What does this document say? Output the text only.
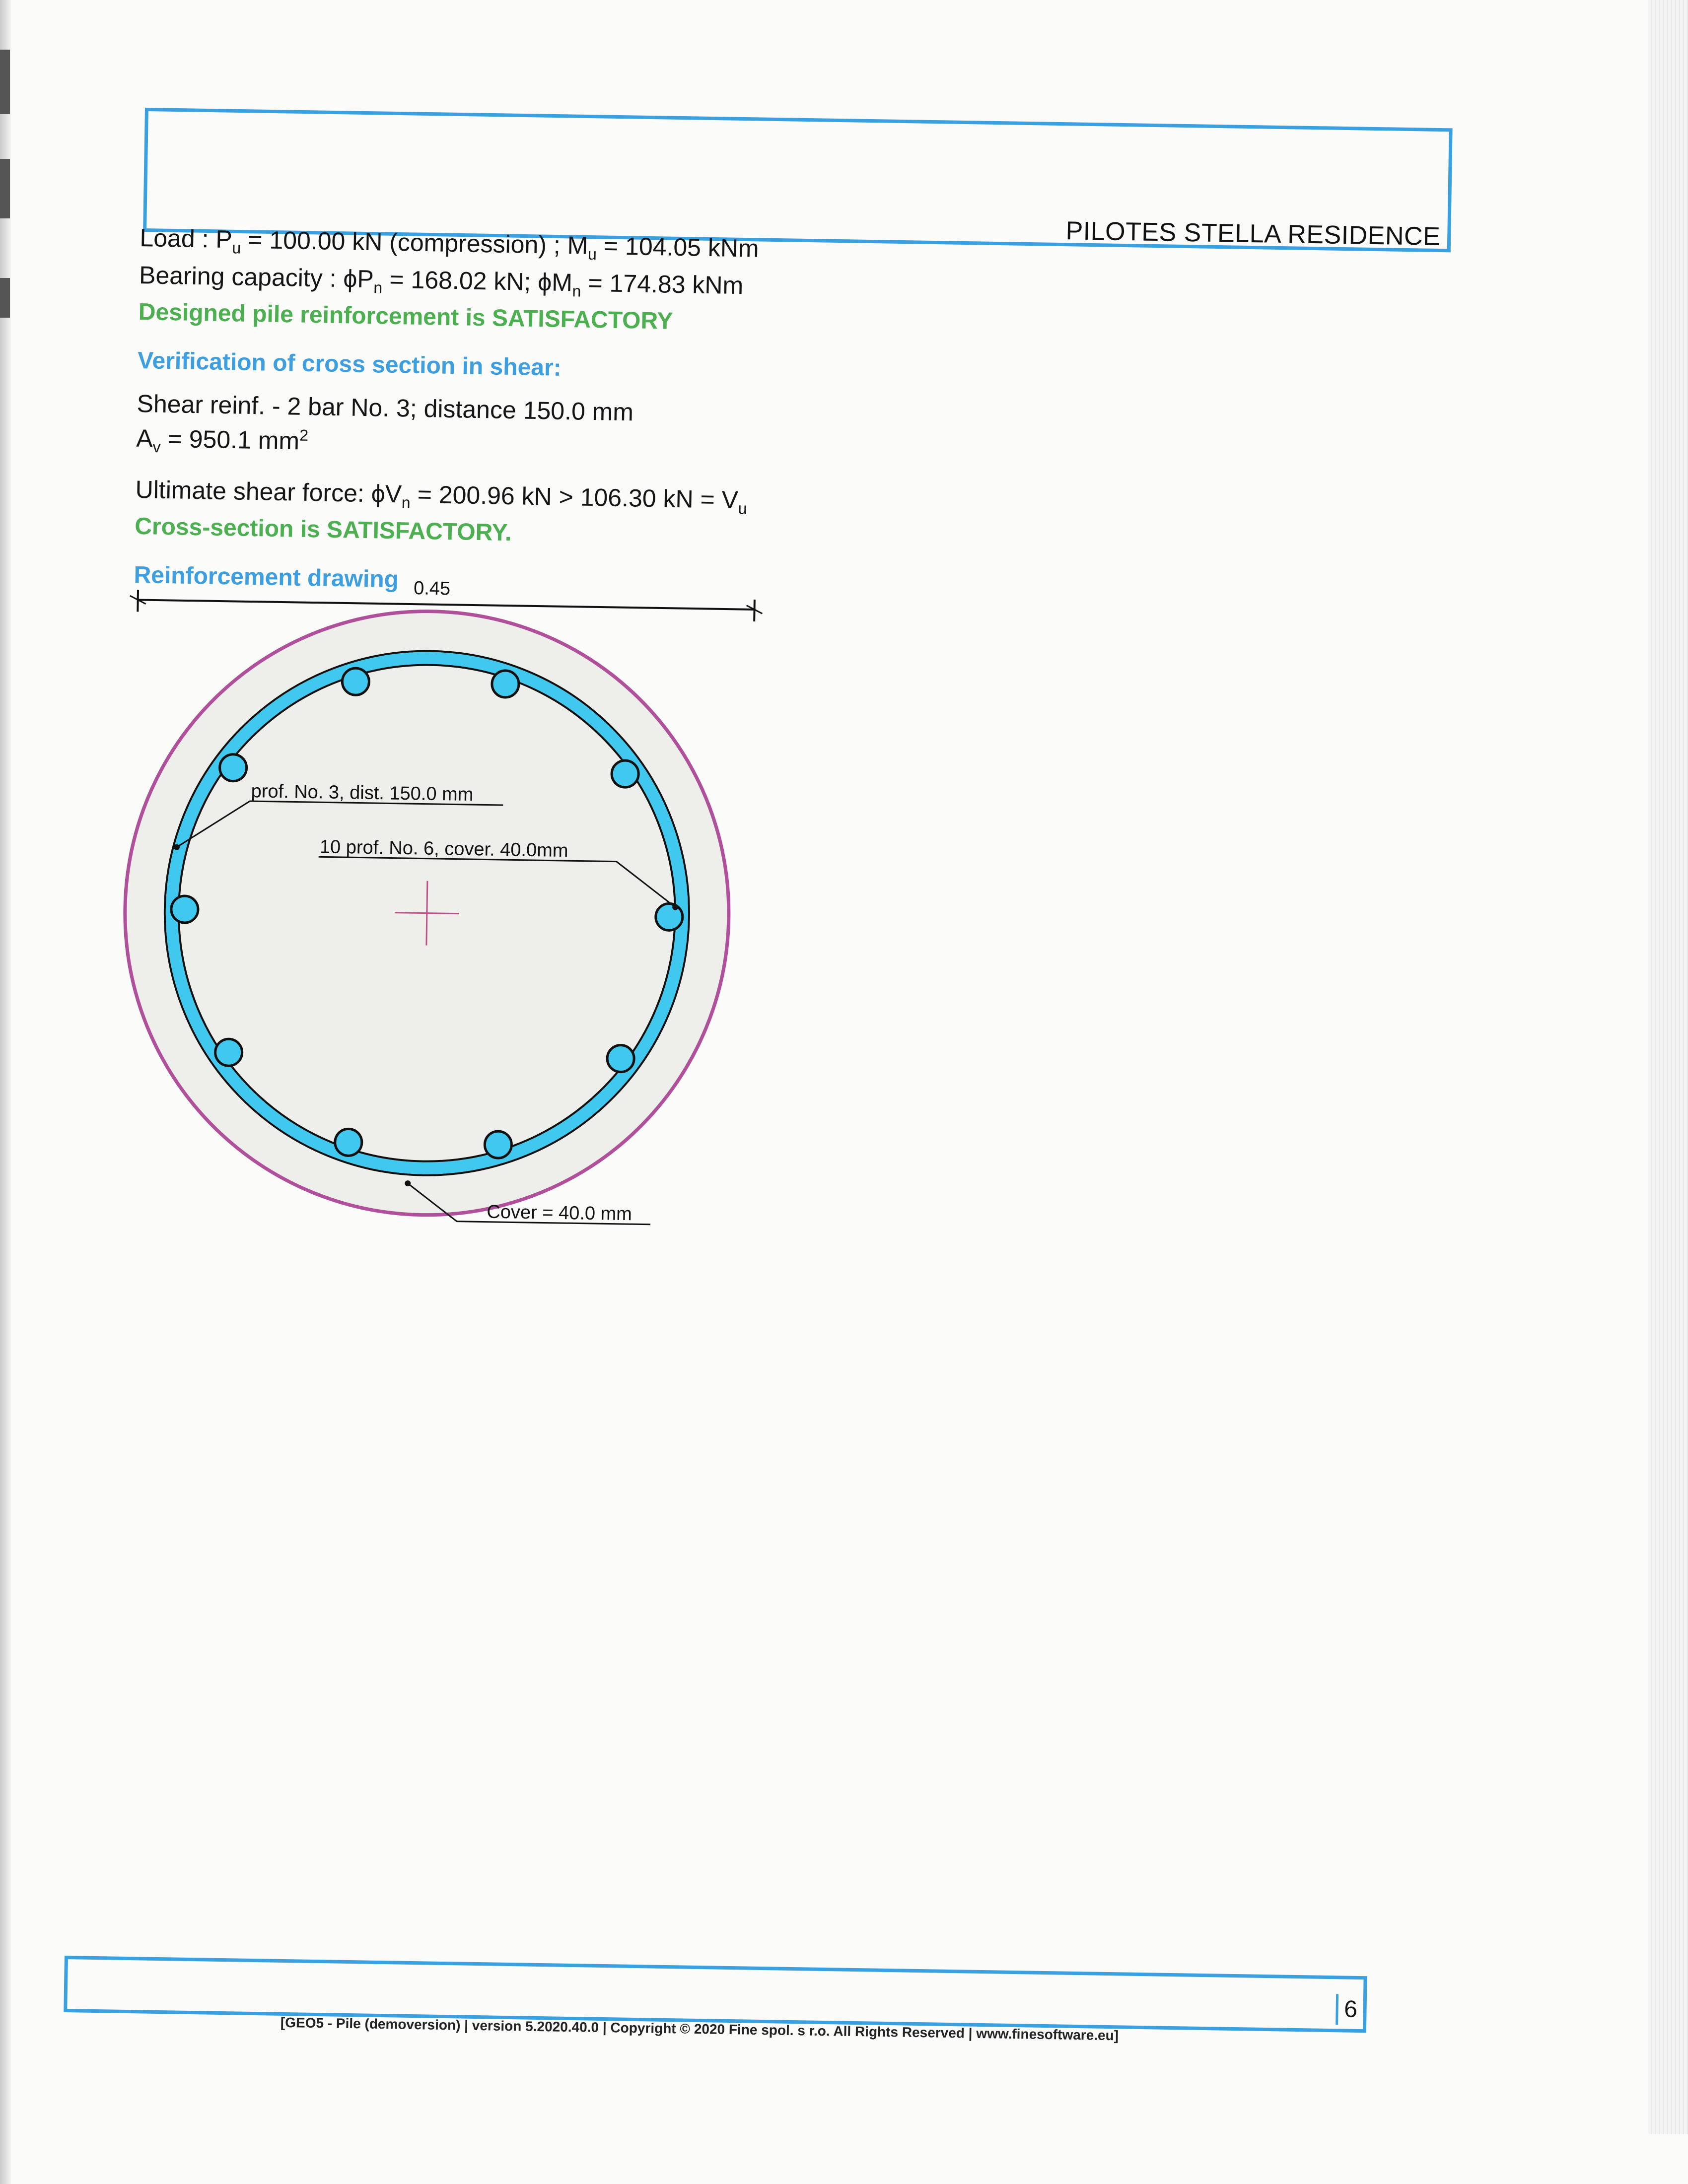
PILOTES STELLA RESIDENCE
Load : $P_u = 100.00$ kN (compression) ; $M_u = 104.05$ kNm
Bearing capacity : $\phi P_n = 168.02$ kN; $\phi M_n = 174.83$ kNm
Designed pile reinforcement is SATISFACTORY
Verification of cross section in shear:
Shear reinf. - 2 bar No. 3; distance 150.0 mm
$A_v = 950.1$ $mm^2$
Ultimate shear force: $\phi V_n = 200.96$ kN > 106.30 kN = $V_u$
Cross-section is SATISFACTORY.
Reinforcement drawing 0.45
prof. No. 3, dist. 150.0 mm
10 prof. No. 6, cover. 40.0mm
Cover = 40.0 mm
[GEO5 - Pile (demoversion) | version 5.2020.40.0 | Copyright © 2020 Fine spol. s r.o. All Rights Reserved | www.finesoftware.eu]
6
